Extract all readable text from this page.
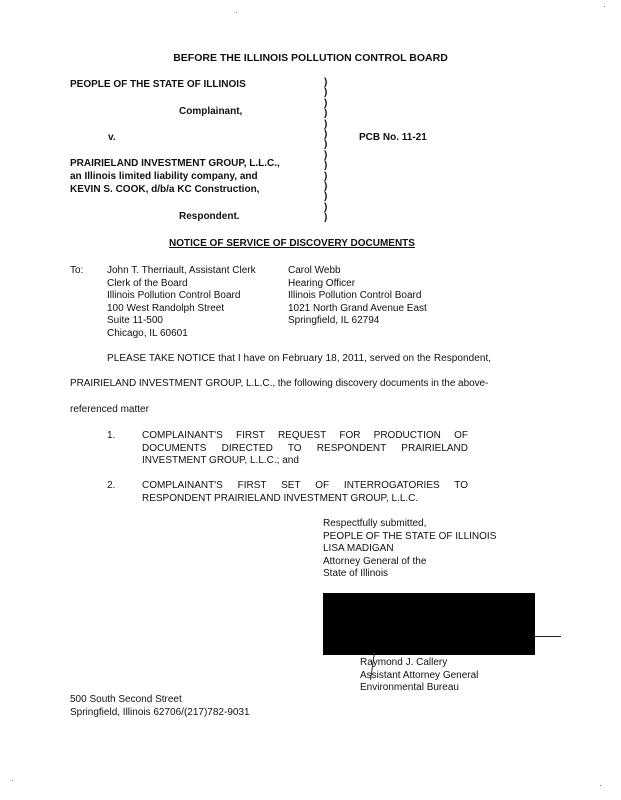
BEFORE THE ILLINOIS POLLUTION CONTROL BOARD
PEOPLE OF THE STATE OF ILLINOIS
Complainant,
v.	PCB No. 11-21
PRAIRIELAND INVESTMENT GROUP, L.L.C.,
an Illinois limited liability company, and
KEVIN S. COOK, d/b/a KC Construction,
Respondent.
)
)
)
)
)
)
)
)
)
)
)
)
)
)
NOTICE OF SERVICE OF DISCOVERY DOCUMENTS
To: John T. Therriault, Assistant Clerk
Clerk of the Board
Illinois Pollution Control Board
100 West Randolph Street
Suite 11-500
Chicago, IL 60601
Carol Webb
Hearing Officer
Illinois Pollution Control Board
1021 North Grand Avenue East
Springfield, IL 62794
PLEASE TAKE NOTICE that I have on February 18, 2011, served on the Respondent,
PRAIRIELAND INVESTMENT GROUP, L.L.C., the following discovery documents in the above-
referenced matter
1.	COMPLAINANT'S FIRST REQUEST FOR PRODUCTION OF DOCUMENTS DIRECTED TO RESPONDENT PRAIRIELAND INVESTMENT GROUP, L.L.C.; and
2.	COMPLAINANT'S FIRST SET OF INTERROGATORIES TO RESPONDENT PRAIRIELAND INVESTMENT GROUP, L.L.C.
Respectfully submitted,
PEOPLE OF THE STATE OF ILLINOIS
LISA MADIGAN
Attorney General of the
State of Illinois
Raymond J. Callery
Assistant Attorney General
Environmental Bureau
500 South Second Street
Springfield, Illinois 62706/(217)782-9031
